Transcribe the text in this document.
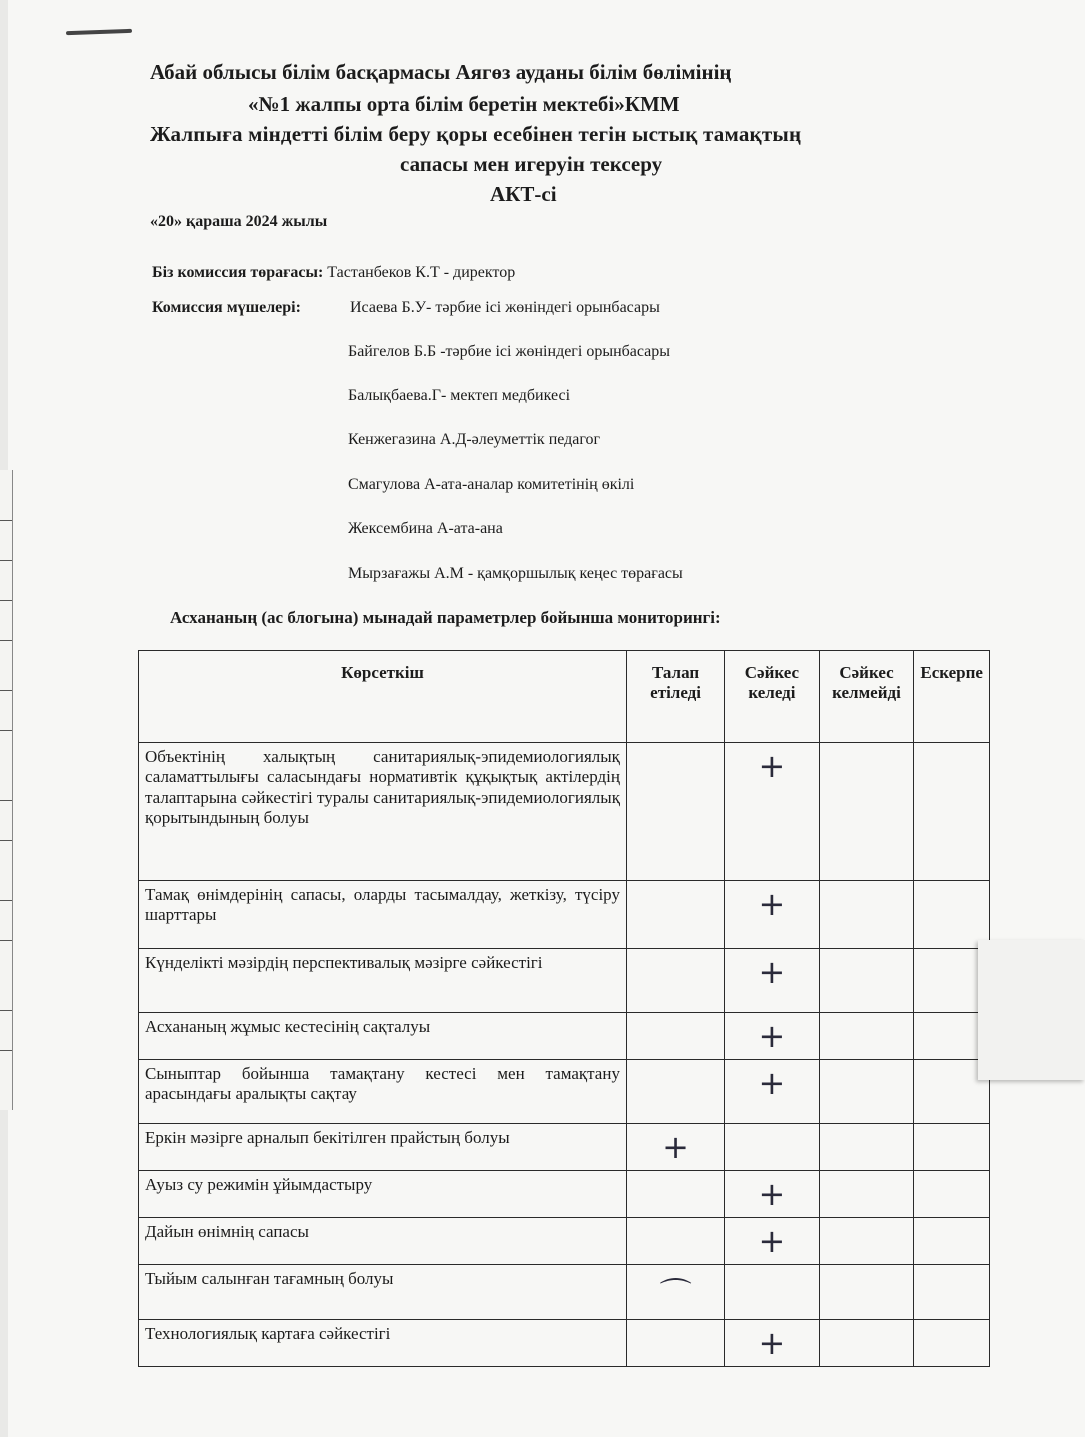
Абай облысы білім басқармасы Аягөз ауданы білім бөлімінің
«№1 жалпы орта білім беретін мектебі»КММ
Жалпыға міндетті білім беру қоры есебінен тегін ыстық тамақтың
сапасы мен игеруін тексеру
АКТ-сі
«20» қараша 2024 жылы
Біз комиссия төрағасы: Тастанбеков К.Т - директор
Комиссия мүшелері:	Исаева Б.У- тәрбие ісі жөніндегі орынбасары
Байгелов Б.Б -тәрбие ісі жөніндегі орынбасары
Балықбаева.Г- мектеп медбикесі
Кенжегазина А.Д-әлеуметтік педагог
Смагулова А-ата-аналар комитетінің өкілі
Жексембина А-ата-ана
Мырзағажы А.М - қамқоршылық кеңес төрағасы
Асхананың (ас блогына) мынадай параметрлер бойынша мониторингі:
Көрсеткіш	Талап етіледі	Сәйкес келеді	Сәйкес келмейді	Ескерпе
Объектінің халықтың санитариялық-эпидемиологиялық саламаттылығы саласындағы нормативтік құқықтық актілердің талаптарына сәйкестігі туралы санитариялық-эпидемиологиялық қорытындының болуы		+		
Тамақ өнімдерінің сапасы, оларды тасымалдау, жеткізу, түсіру шарттары		+		
Күнделікті мәзірдің перспективалық мәзірге сәйкестігі		+		
Асхананың жұмыс кестесінің сақталуы		+		
Сыныптар бойынша тамақтану кестесі мен тамақтану арасындағы аралықты сақтау		+		
Еркін мәзірге арналып бекітілген прайстың болуы	+			
Ауыз су режимін ұйымдастыру		+		
Дайын өнімнің сапасы		+		
Тыйым салынған тағамның болуы	⌒			
Технологиялық картаға сәйкестігі		+		
